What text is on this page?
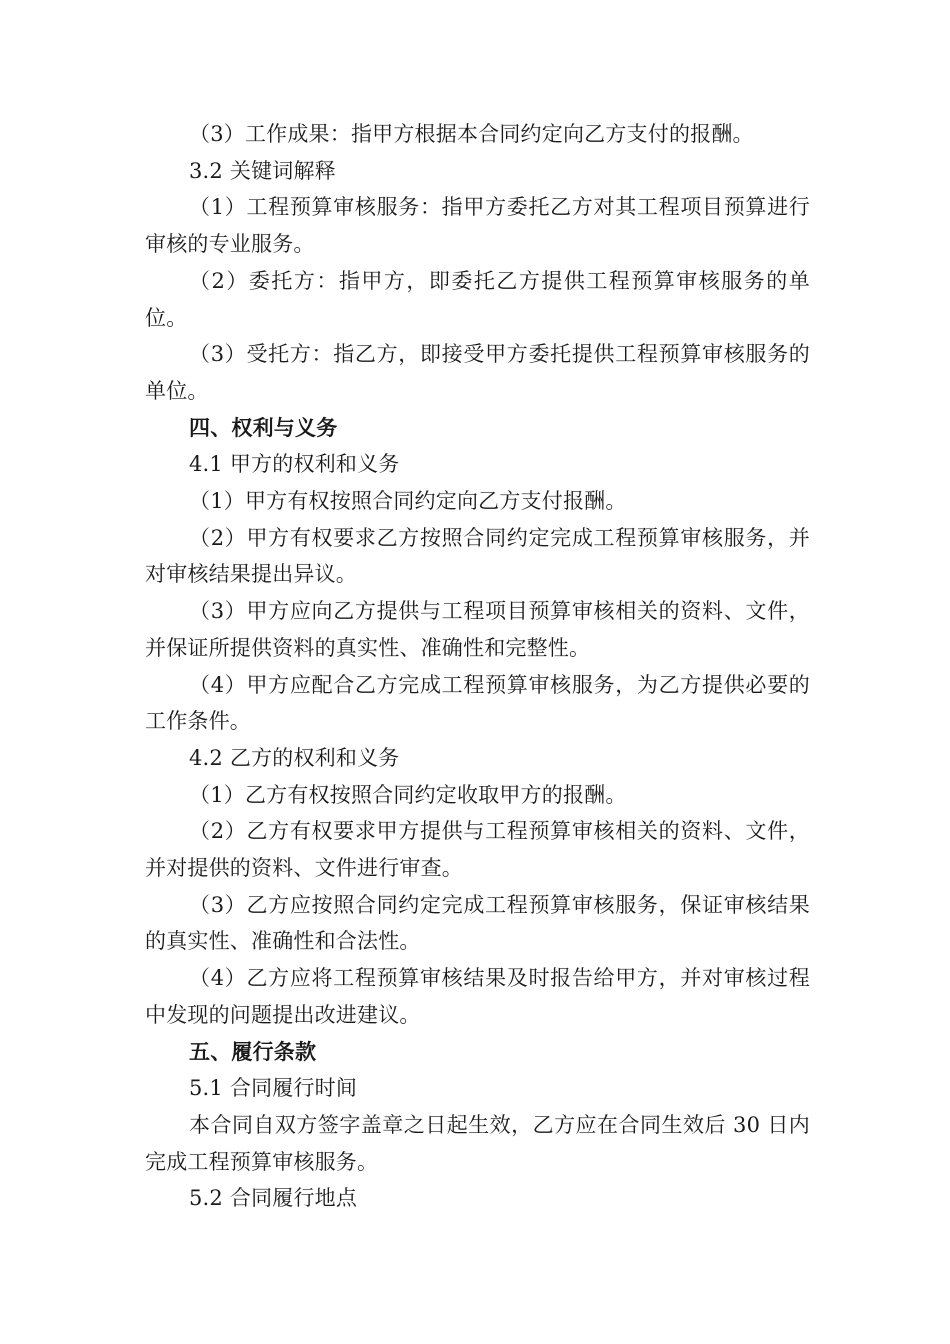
（3）工作成果：指甲方根据本合同约定向乙方支付的报酬。

3.2 关键词解释

（1）工程预算审核服务：指甲方委托乙方对其工程项目预算进行审核的专业服务。

（2）委托方：指甲方，即委托乙方提供工程预算审核服务的单位。

（3）受托方：指乙方，即接受甲方委托提供工程预算审核服务的单位。

四、权利与义务

4.1 甲方的权利和义务

（1）甲方有权按照合同约定向乙方支付报酬。

（2）甲方有权要求乙方按照合同约定完成工程预算审核服务，并对审核结果提出异议。

（3）甲方应向乙方提供与工程项目预算审核相关的资料、文件，并保证所提供资料的真实性、准确性和完整性。

（4）甲方应配合乙方完成工程预算审核服务，为乙方提供必要的工作条件。

4.2 乙方的权利和义务

（1）乙方有权按照合同约定收取甲方的报酬。

（2）乙方有权要求甲方提供与工程预算审核相关的资料、文件，并对提供的资料、文件进行审查。

（3）乙方应按照合同约定完成工程预算审核服务，保证审核结果的真实性、准确性和合法性。

（4）乙方应将工程预算审核结果及时报告给甲方，并对审核过程中发现的问题提出改进建议。

五、履行条款

5.1 合同履行时间

本合同自双方签字盖章之日起生效，乙方应在合同生效后 30 日内完成工程预算审核服务。

5.2 合同履行地点
